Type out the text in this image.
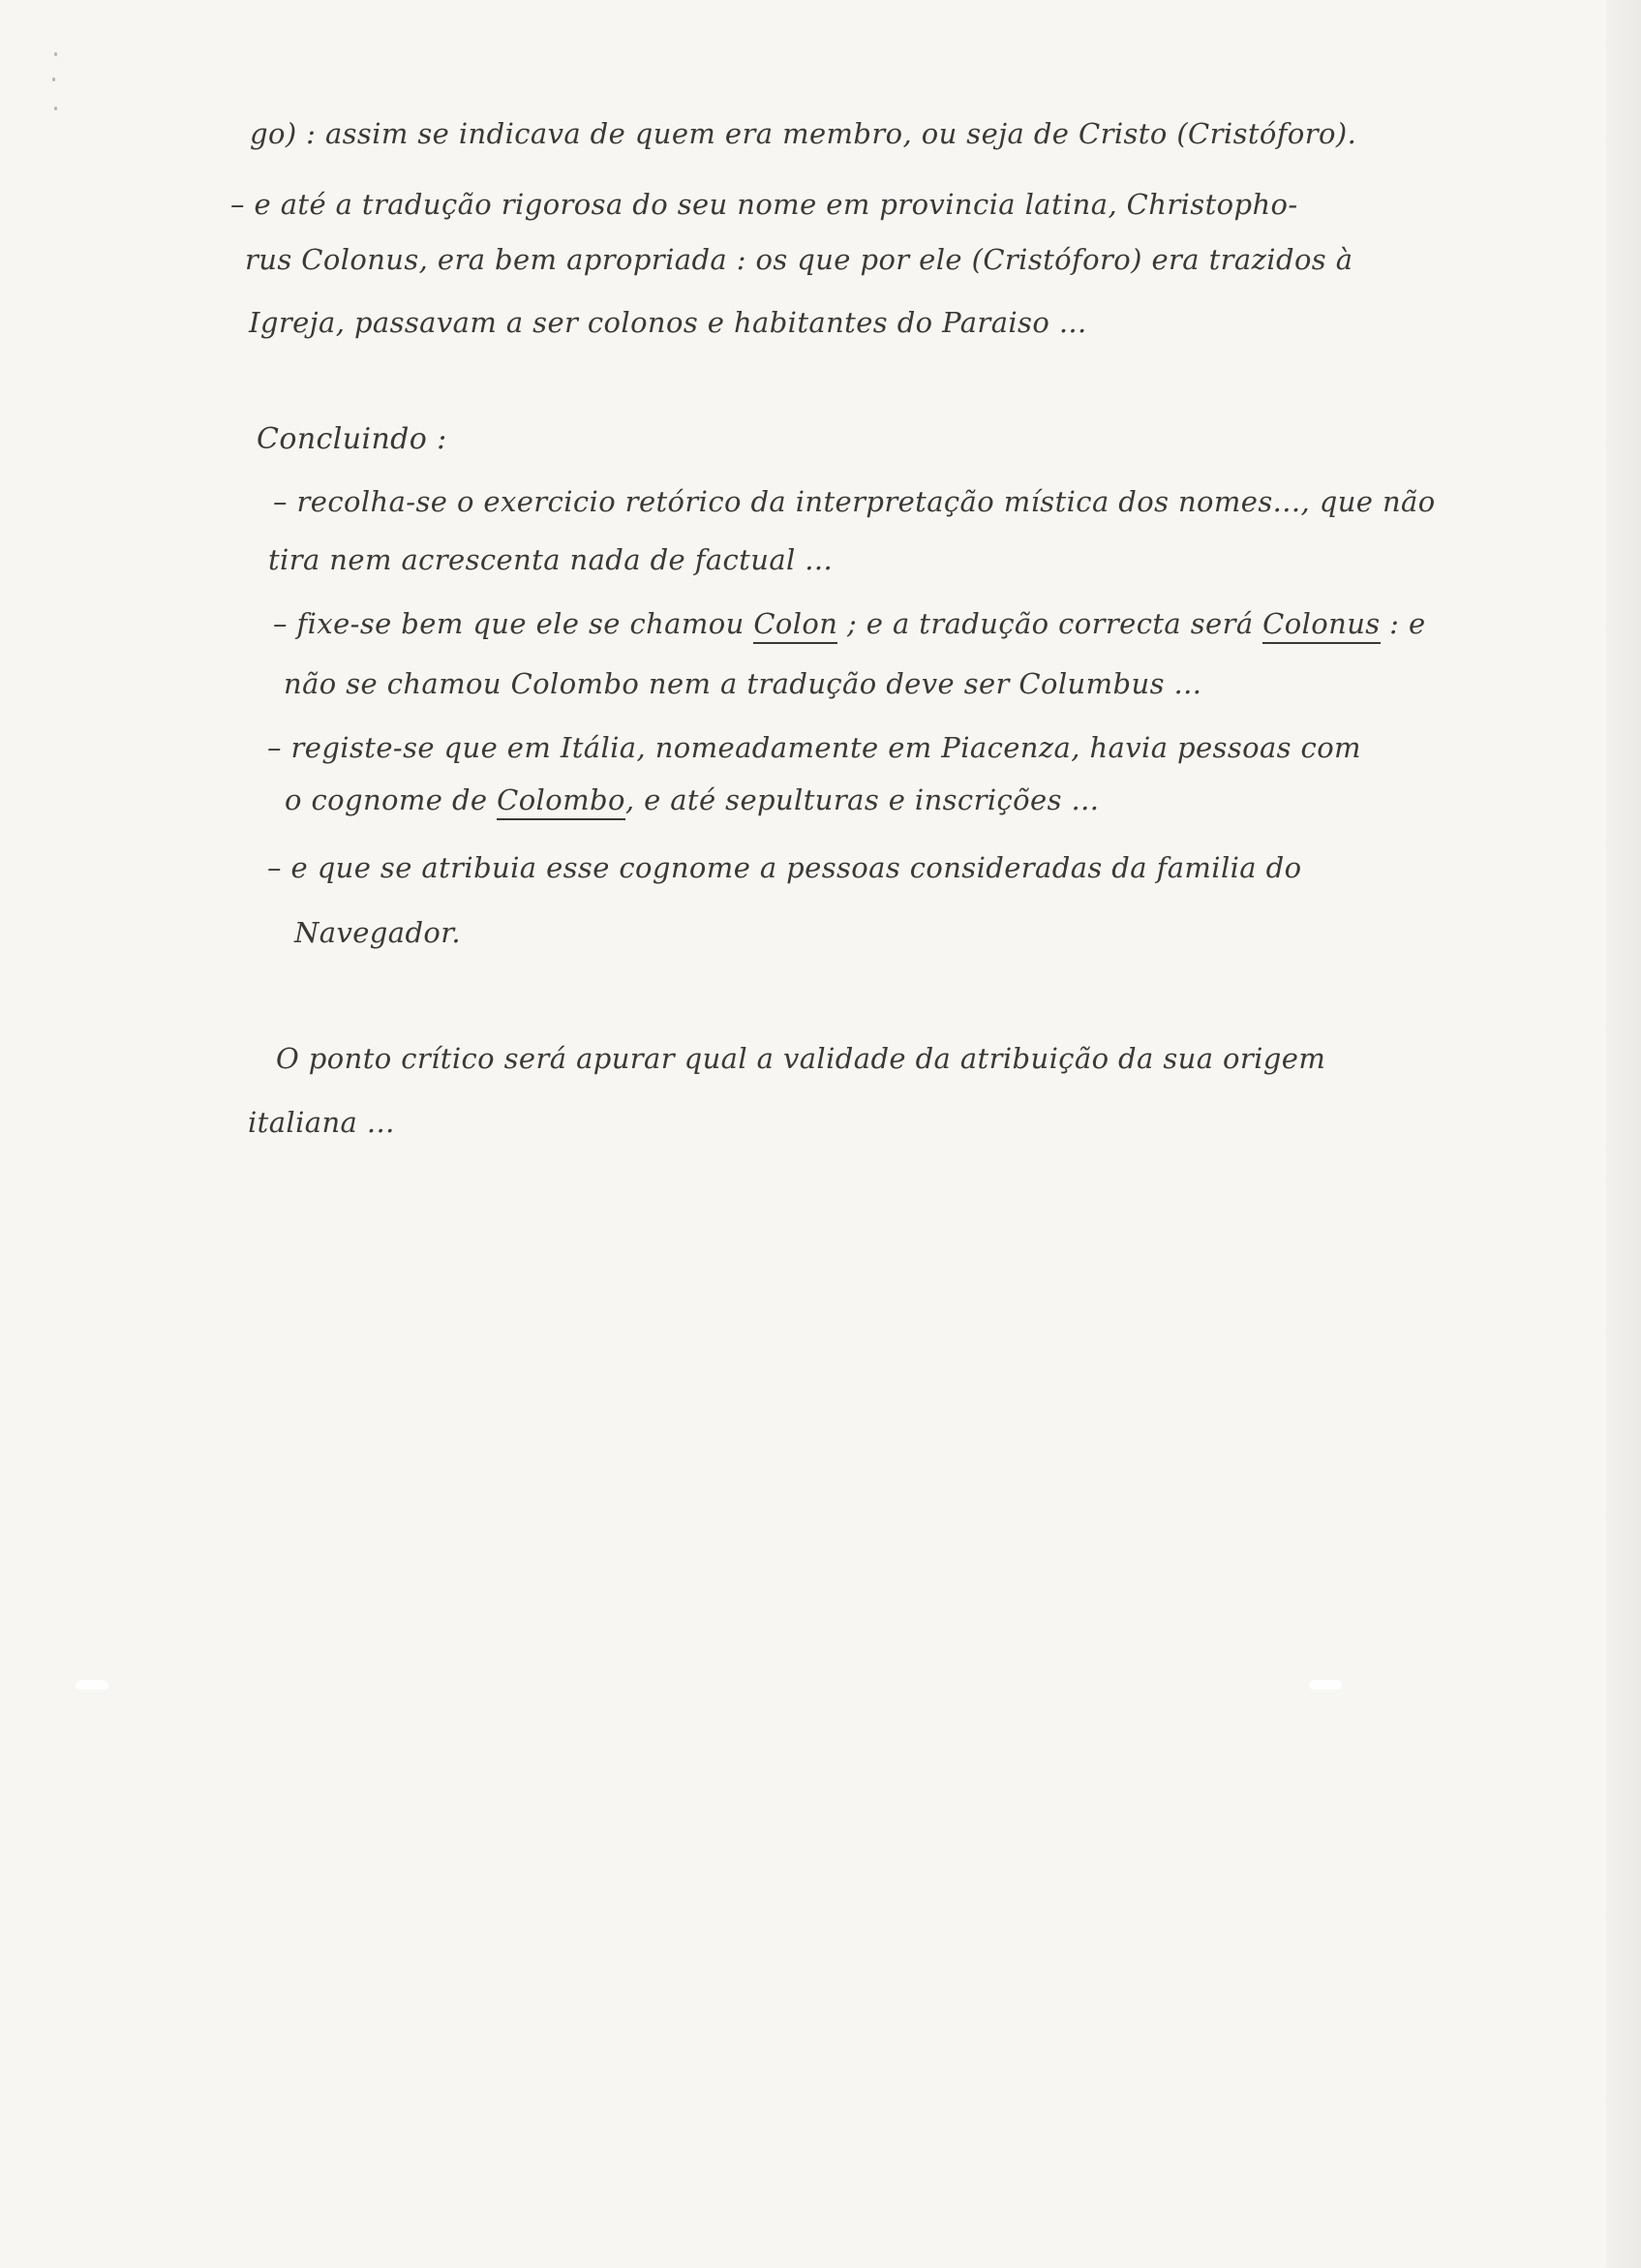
go) : assim se indicava de quem era membro, ou seja de Cristo (Cristóforo).

– e até a tradução rigorosa do seu nome em provincia latina, Christopho-

rus Colonus, era bem apropriada : os que por ele (Cristóforo) era trazidos à

Igreja, passavam a ser colonos e habitantes do Paraiso ...

Concluindo :

– recolha-se o exercicio retórico da interpretação mística dos nomes..., que não

tira nem acrescenta nada de factual ...

– fixe-se bem que ele se chamou Colon ; e a tradução correcta será Colonus : e

não se chamou Colombo nem a tradução deve ser Columbus ...

– registe-se que em Itália, nomeadamente em Piacenza, havia pessoas com

o cognome de Colombo, e até sepulturas e inscrições ...

– e que se atribuia esse cognome a pessoas consideradas da familia do

Navegador.

O ponto crítico será apurar qual a validade da atribuição da sua origem

italiana ...
